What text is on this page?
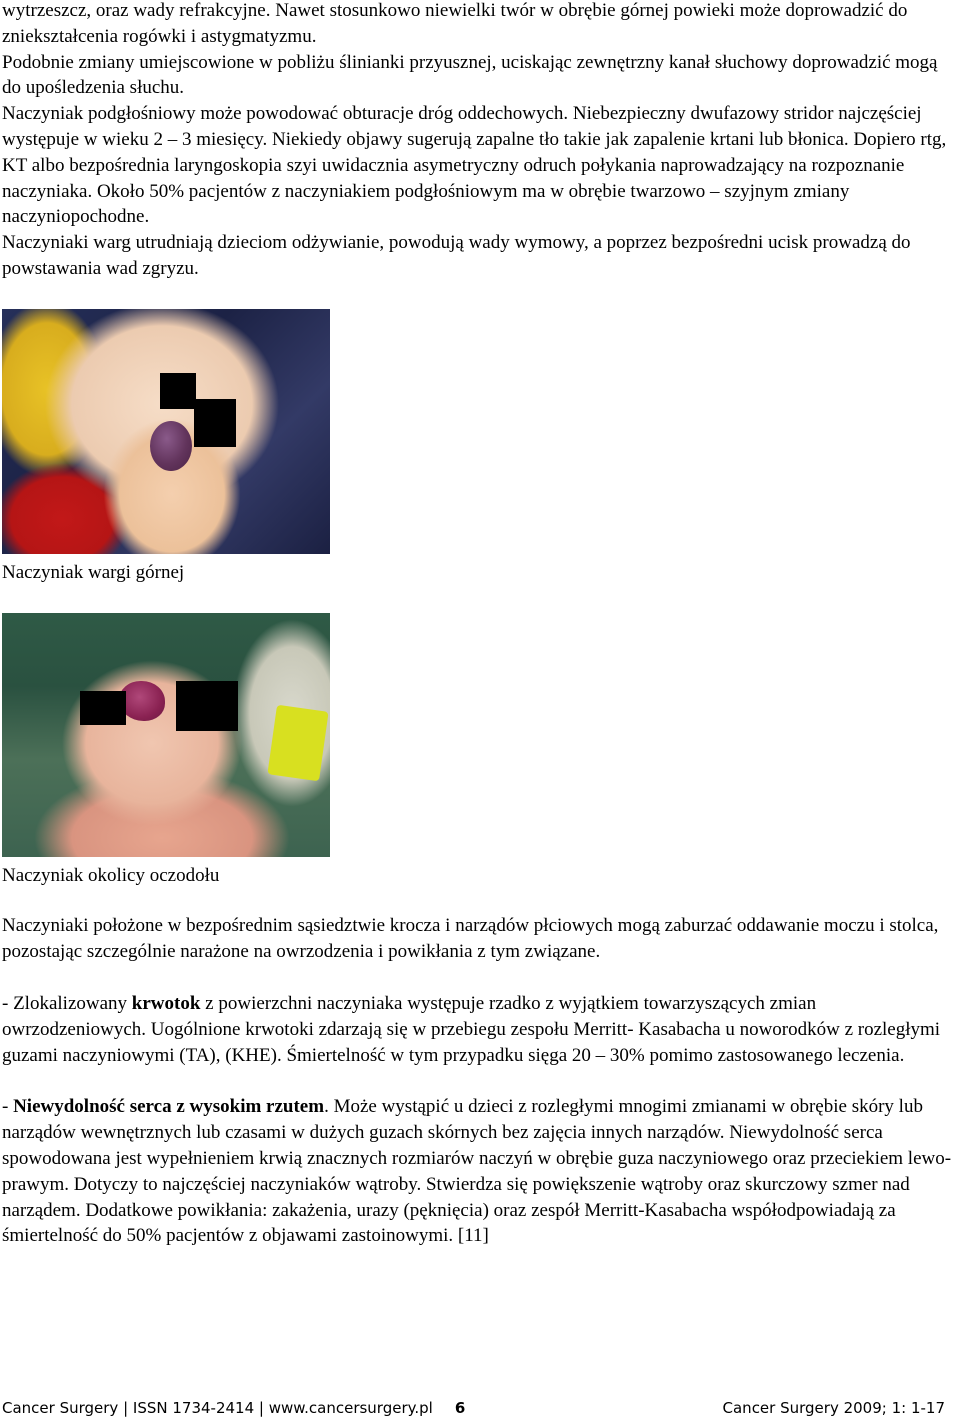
wytrzeszcz, oraz wady refrakcyjne. Nawet stosunkowo niewielki twór w obrębie górnej powieki może doprowadzić do zniekształcenia rogówki i astygmatyzmu.

Podobnie zmiany umiejscowione w pobliżu ślinianki przyusznej, uciskając zewnętrzny kanał słuchowy doprowadzić mogą do upośledzenia słuchu.

Naczyniak podgłośniowy może powodować obturacje dróg oddechowych. Niebezpieczny dwufazowy stridor najczęściej występuje w wieku 2 – 3 miesięcy. Niekiedy objawy sugerują zapalne tło takie jak zapalenie krtani lub błonica. Dopiero rtg, KT albo bezpośrednia laryngoskopia szyi uwidacznia asymetryczny odruch połykania naprowadzający na rozpoznanie naczyniaka. Około 50% pacjentów z naczyniakiem podgłośniowym ma w obrębie twarzowo – szyjnym zmiany naczyniopochodne.

Naczyniaki warg utrudniają dzieciom odżywianie, powodują wady wymowy, a poprzez bezpośredni ucisk prowadzą do powstawania wad zgryzu.

Naczyniak wargi górnej

Naczyniak okolicy oczodołu

Naczyniaki położone w bezpośrednim sąsiedztwie krocza i narządów płciowych mogą zaburzać oddawanie moczu i stolca, pozostając szczególnie narażone na owrzodzenia i powikłania z tym związane.

- Zlokalizowany krwotok z powierzchni naczyniaka występuje rzadko z wyjątkiem towarzyszących zmian owrzodzeniowych. Uogólnione krwotoki zdarzają się w przebiegu zespołu Merritt- Kasabacha u noworodków z rozległymi guzami naczyniowymi (TA), (KHE). Śmiertelność w tym przypadku sięga 20 – 30% pomimo zastosowanego leczenia.

- Niewydolność serca z wysokim rzutem. Może wystąpić u dzieci z rozległymi mnogimi zmianami w obrębie skóry lub narządów wewnętrznych lub czasami w dużych guzach skórnych bez zajęcia innych narządów. Niewydolność serca spowodowana jest wypełnieniem krwią znacznych rozmiarów naczyń w obrębie guza naczyniowego oraz przeciekiem lewo-prawym. Dotyczy to najczęściej naczyniaków wątroby. Stwierdza się powiększenie wątroby oraz skurczowy szmer nad narządem. Dodatkowe powikłania: zakażenia, urazy (pęknięcia) oraz zespół Merritt-Kasabacha współodpowiadają za śmiertelność do 50% pacjentów z objawami zastoinowymi. [11]

Cancer Surgery | ISSN 1734-2414 | www.cancersurgery.pl 6	Cancer Surgery 2009; 1: 1-17
